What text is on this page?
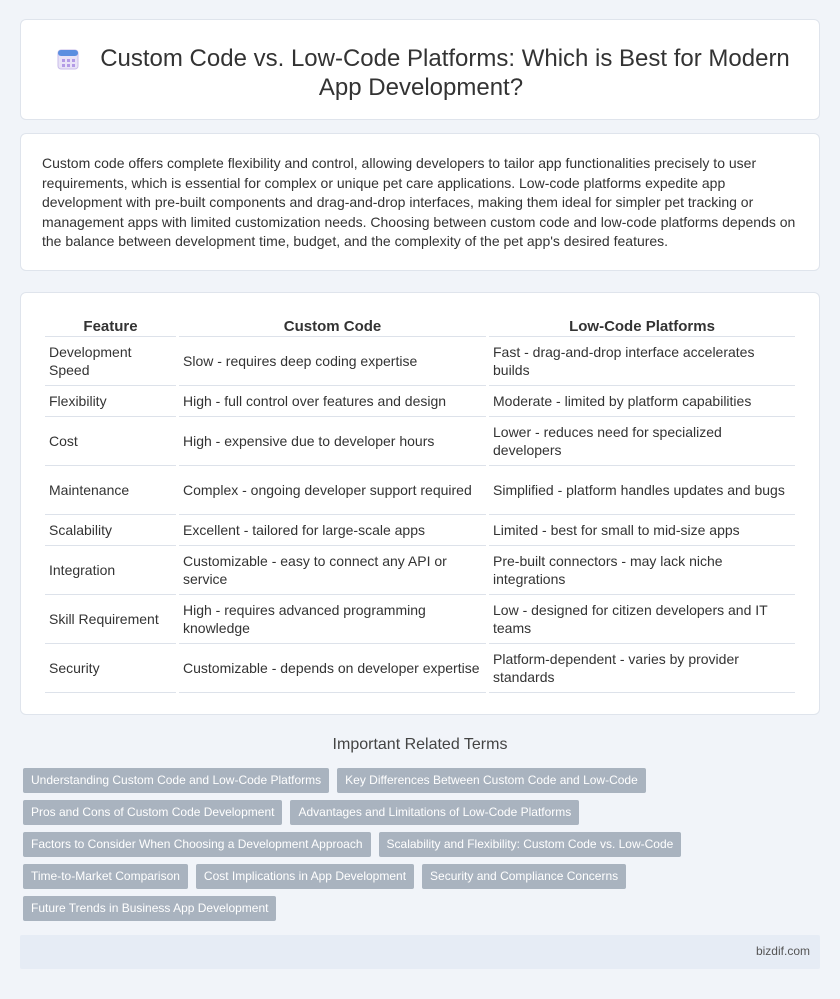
Custom Code vs. Low-Code Platforms: Which is Best for Modern
App Development?

Custom code offers complete flexibility and control, allowing developers to tailor app functionalities precisely to user requirements, which is essential for complex or unique pet care applications. Low-code platforms expedite app development with pre-built components and drag-and-drop interfaces, making them ideal for simpler pet tracking or management apps with limited customization needs. Choosing between custom code and low-code platforms depends on the balance between development time, budget, and the complexity of the pet app's desired features.

Feature	Custom Code	Low-Code Platforms
Development Speed	Slow - requires deep coding expertise	Fast - drag-and-drop interface accelerates builds
Flexibility	High - full control over features and design	Moderate - limited by platform capabilities
Cost	High - expensive due to developer hours	Lower - reduces need for specialized developers
Maintenance	Complex - ongoing developer support required	Simplified - platform handles updates and bugs
Scalability	Excellent - tailored for large-scale apps	Limited - best for small to mid-size apps
Integration	Customizable - easy to connect any API or service	Pre-built connectors - may lack niche integrations
Skill Requirement	High - requires advanced programming knowledge	Low - designed for citizen developers and IT teams
Security	Customizable - depends on developer expertise	Platform-dependent - varies by provider standards
Important Related Terms
Understanding Custom Code and Low-Code Platforms	Key Differences Between Custom Code and Low-Code
Pros and Cons of Custom Code Development	Advantages and Limitations of Low-Code Platforms
Factors to Consider When Choosing a Development Approach	Scalability and Flexibility: Custom Code vs. Low-Code
Time-to-Market Comparison	Cost Implications in App Development	Security and Compliance Concerns
Future Trends in Business App Development
bizdif.com
